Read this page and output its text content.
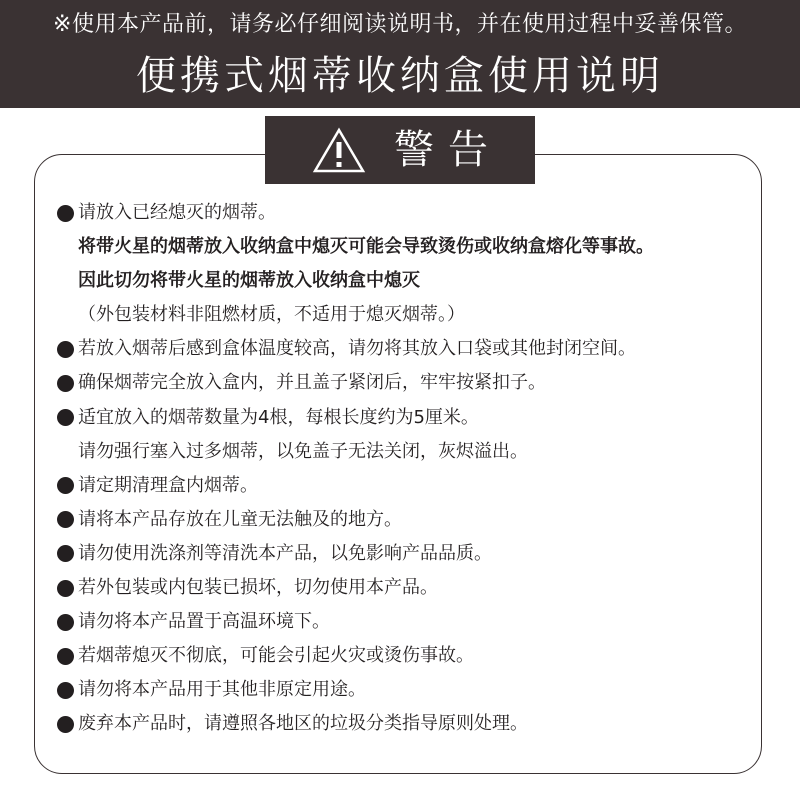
※使用本产品前，请务必仔细阅读说明书，并在使用过程中妥善保管。
便携式烟蒂收纳盒使用说明
警告
请放入已经熄灭的烟蒂。
将带火星的烟蒂放入收纳盒中熄灭可能会导致烫伤或收纳盒熔化等事故。
因此切勿将带火星的烟蒂放入收纳盒中熄灭
（外包装材料非阻燃材质，不适用于熄灭烟蒂。）
若放入烟蒂后感到盒体温度较高，请勿将其放入口袋或其他封闭空间。
确保烟蒂完全放入盒内，并且盖子紧闭后，牢牢按紧扣子。
适宜放入的烟蒂数量为4根，每根长度约为5厘米。
请勿强行塞入过多烟蒂，以免盖子无法关闭，灰烬溢出。
请定期清理盒内烟蒂。
请将本产品存放在儿童无法触及的地方。
请勿使用洗涤剂等清洗本产品，以免影响产品品质。
若外包装或内包装已损坏，切勿使用本产品。
请勿将本产品置于高温环境下。
若烟蒂熄灭不彻底，可能会引起火灾或烫伤事故。
请勿将本产品用于其他非原定用途。
废弃本产品时，请遵照各地区的垃圾分类指导原则处理。
